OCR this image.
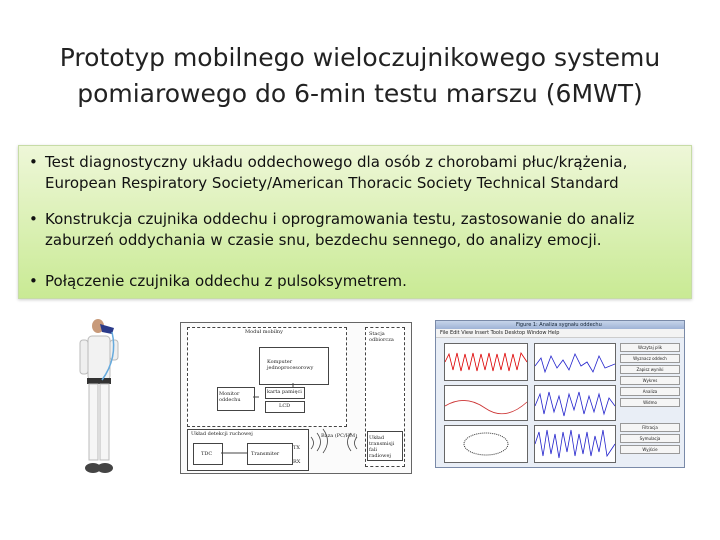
Prototyp mobilnego wieloczujnikowego systemu
pomiarowego do 6-min testu marszu (6MWT)
• Test diagnostyczny układu oddechowego dla osób z chorobami płuc/krążenia, European Respiratory Society/American Thoracic Society Technical Standard
• Konstrukcja czujnika oddechu i oprogramowania testu, zastosowanie do analiz zaburzeń oddychania w czasie snu, bezdechu sennego, do analizy emocji.
• Połączenie czujnika oddechu z pulsoksymetrem.
Moduł mobilny
Komputer jednoprocesorowy
karta pamięci
LCD
Monitor oddechu
Układ detekcji ruchowej
TDC	Transmiter
TX
RX
Stacja odbiorcza
Układ transmisji fali radiowej
Baza (PC/HM)
Figure 1: Analiza sygnału oddechu
File Edit View Insert Tools Desktop Window Help
Wczytaj plik
Wyznacz oddech
Zapisz wyniki
Wykres
Analiza
Widmo
Filtracja
Symulacja
Wyjście
